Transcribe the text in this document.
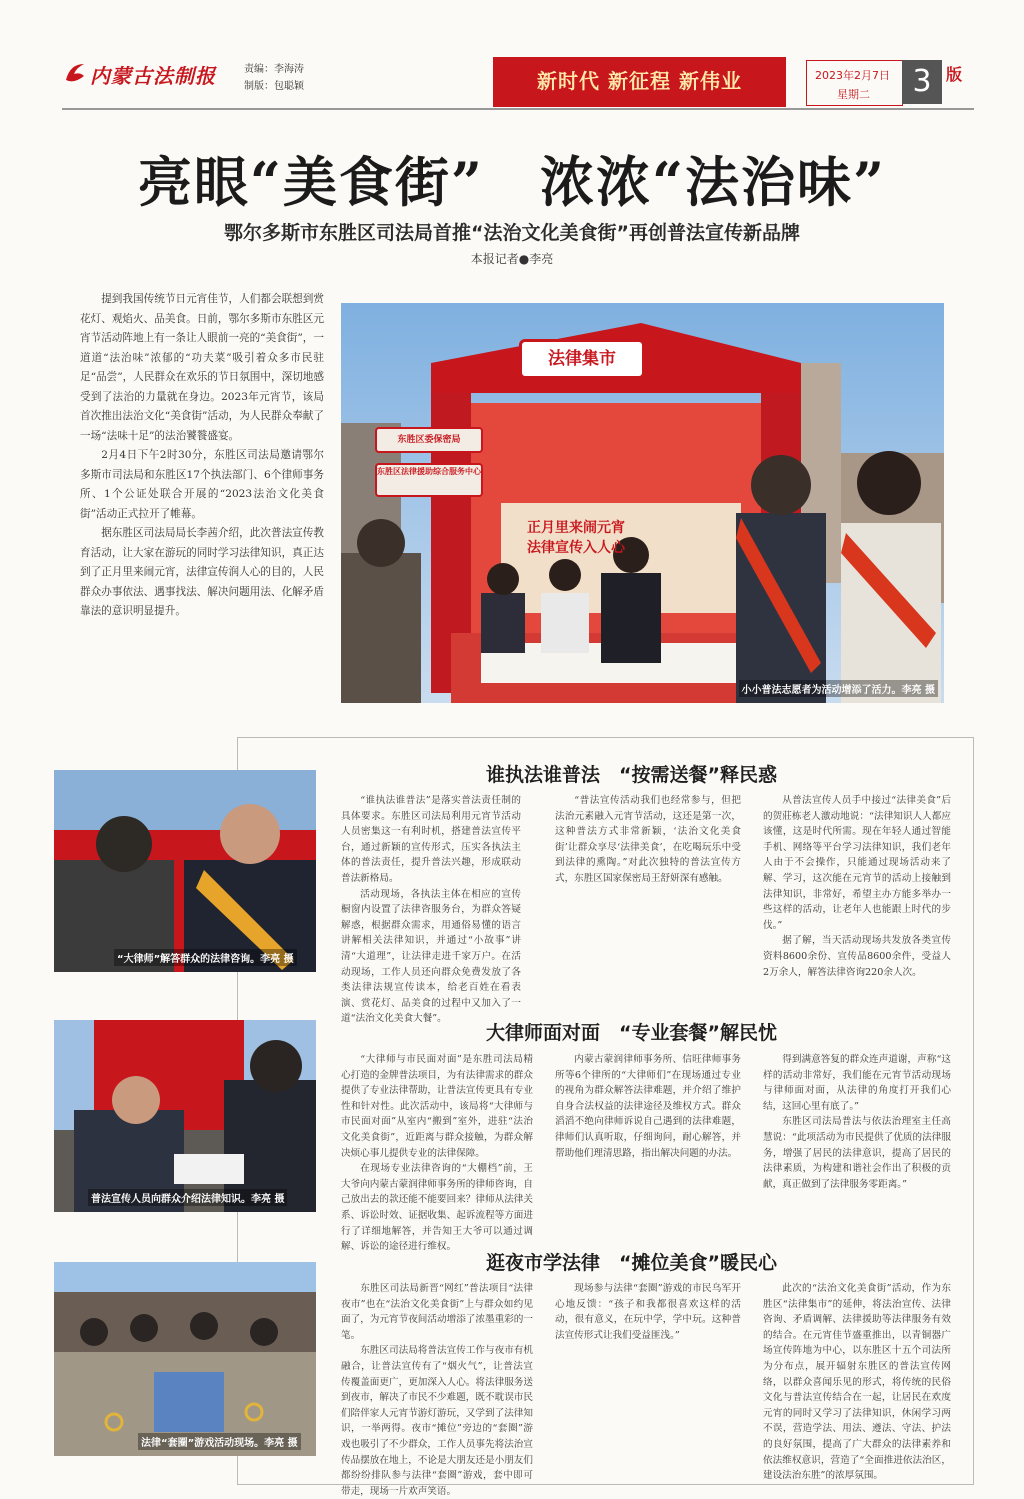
内蒙古法制报	责编：李海涛
制版：包聪颖	新时代 新征程 新伟业	2023年2月7日
星期二	3 版
亮眼“美食街”　浓浓“法治味”
鄂尔多斯市东胜区司法局首推“法治文化美食街”再创普法宣传新品牌
本报记者●李亮

提到我国传统节日元宵佳节，人们都会联想到赏花灯、观焰火、品美食。日前，鄂尔多斯市东胜区元宵节活动阵地上有一条让人眼前一亮的“美食街”，一道道“法治味”浓郁的“功夫菜”吸引着众多市民驻足“品尝”，人民群众在欢乐的节日氛围中，深切地感受到了法治的力量就在身边。2023年元宵节，该局首次推出法治文化“美食街”活动，为人民群众奉献了一场“法味十足”的法治饕餮盛宴。

2月4日下午2时30分，东胜区司法局邀请鄂尔多斯市司法局和东胜区17个执法部门、6个律师事务所、1个公证处联合开展的“2023法治文化美食街”活动正式拉开了帷幕。

据东胜区司法局局长李茜介绍，此次普法宣传教育活动，让大家在游玩的同时学习法律知识，真正达到了正月里来闹元宵，法律宣传润人心的目的，人民群众办事依法、遇事找法、解决问题用法、化解矛盾靠法的意识明显提升。

法律集市
东胜区委保密局
东胜区法律援助综合服务中心
正月里来闹元宵
法律宣传入人心
小小普法志愿者为活动增添了活力。李亮 摄
“大律师”解答群众的法律咨询。李亮 摄
谁执法谁普法　“按需送餐”释民惑

“谁执法谁普法”是落实普法责任制的具体要求。东胜区司法局利用元宵节活动人员密集这一有利时机，搭建普法宣传平台，通过新颖的宣传形式，压实各执法主体的普法责任，提升普法兴趣，形成联动普法新格局。

活动现场，各执法主体在相应的宣传橱窗内设置了法律咨服务台，为群众答疑解惑，根据群众需求，用通俗易懂的语言讲解相关法律知识，并通过“小故事”讲清“大道理”，让法律走进千家万户。在活动现场，工作人员还向群众免费发放了各类法律法规宣传读本，给老百姓在看表演、赏花灯、品美食的过程中又加入了一道“法治文化美食大餐”。

“普法宣传活动我们也经常参与，但把法治元素融入元宵节活动，这还是第一次，这种普法方式非常新颖，‘法治文化美食街’让群众享尽‘法律美食’，在吃喝玩乐中受到法律的熏陶。”对此次独特的普法宣传方式，东胜区国家保密局王舒妍深有感触。

从普法宣传人员手中接过“法律美食”后的贺莊栋老人激动地说：“法律知识人人都应该懂，这是时代所需。现在年轻人通过智能手机、网络等平台学习法律知识，我们老年人由于不会操作，只能通过现场活动来了解、学习，这次能在元宵节的活动上接触到法律知识，非常好，希望主办方能多举办一些这样的活动，让老年人也能跟上时代的步伐。”

据了解，当天活动现场共发放各类宣传资料8600余份、宣传品8600余件，受益人2万余人，解答法律咨询220余人次。

普法宣传人员向群众介绍法律知识。李亮 摄
大律师面对面　“专业套餐”解民忧

“大律师与市民面对面”是东胜司法局精心打造的金牌普法项目，为有法律需求的群众提供了专业法律帮助，让普法宣传更具有专业性和针对性。此次活动中，该局将“大律师与市民面对面”从室内“搬到”室外，进驻“法治文化美食街”，近距离与群众接触，为群众解决烦心事儿提供专业的法律保障。

在现场专业法律咨询的“大棚档”前，王大爷向内蒙古蒙润律师事务所的律师咨询，自己放出去的款还能不能要回来？律师从法律关系、诉讼时效、证据收集、起诉流程等方面进行了详细地解答，并告知王大爷可以通过调解、诉讼的途径进行维权。

内蒙古蒙润律师事务所、信旺律师事务所等6个律所的“大律师们”在现场通过专业的视角为群众解答法律难题，并介绍了维护自身合法权益的法律途径及维权方式。群众滔滔不绝向律师诉说自己遇到的法律难题，律师们认真听取，仔细询问，耐心解答，并帮助他们理清思路，指出解决问题的办法。

得到满意答复的群众连声道谢，声称“这样的活动非常好，我们能在元宵节活动现场与律师面对面，从法律的角度打开我们心结，这回心里有底了。”

东胜区司法局普法与依法治理室主任高慧说：“此项活动为市民提供了优质的法律服务，增强了居民的法律意识，提高了居民的法律素质，为构建和谐社会作出了积极的贡献，真正做到了法律服务零距离。”

法律“套圈”游戏活动现场。李亮 摄
逛夜市学法律　“摊位美食”暖民心

东胜区司法局新晋“网红”普法项目“法律夜市”也在“法治文化美食街”上与群众如约见面了，为元宵节夜间活动增添了浓墨重彩的一笔。

东胜区司法局将普法宣传工作与夜市有机融合，让普法宣传有了“烟火气”，让普法宣传覆盖面更广，更加深入人心。将法律服务送到夜市，解决了市民不少难题，既不耽误市民们陪伴家人元宵节游灯游玩，又学到了法律知识，一举两得。夜市“摊位”旁边的“套圈”游戏也吸引了不少群众，工作人员事先将法治宣传品摆放在地上，不论是大朋友还是小朋友们都纷纷排队参与法律“套圈”游戏，套中即可带走，现场一片欢声笑语。

现场参与法律“套圈”游戏的市民乌军开心地反馈：“孩子和我都很喜欢这样的活动，很有意义，在玩中学，学中玩。这种普法宣传形式让我们受益匪浅。”

此次的“法治文化美食街”活动，作为东胜区“法律集市”的延伸，将法治宣传、法律咨询、矛盾调解、法律援助等法律服务有效的结合。在元宵佳节盛重推出，以青铜器广场宣传阵地为中心，以东胜区十五个司法所为分布点，展开辐射东胜区的普法宣传网络，以群众喜闻乐见的形式，将传统的民俗文化与普法宣传结合在一起，让居民在欢度元宵的同时又学习了法律知识，休闲学习两不误，营造学法、用法、遵法、守法、护法的良好氛围，提高了广大群众的法律素养和依法维权意识，营造了“全面推进依法治区，建设法治东胜”的浓厚氛围。
